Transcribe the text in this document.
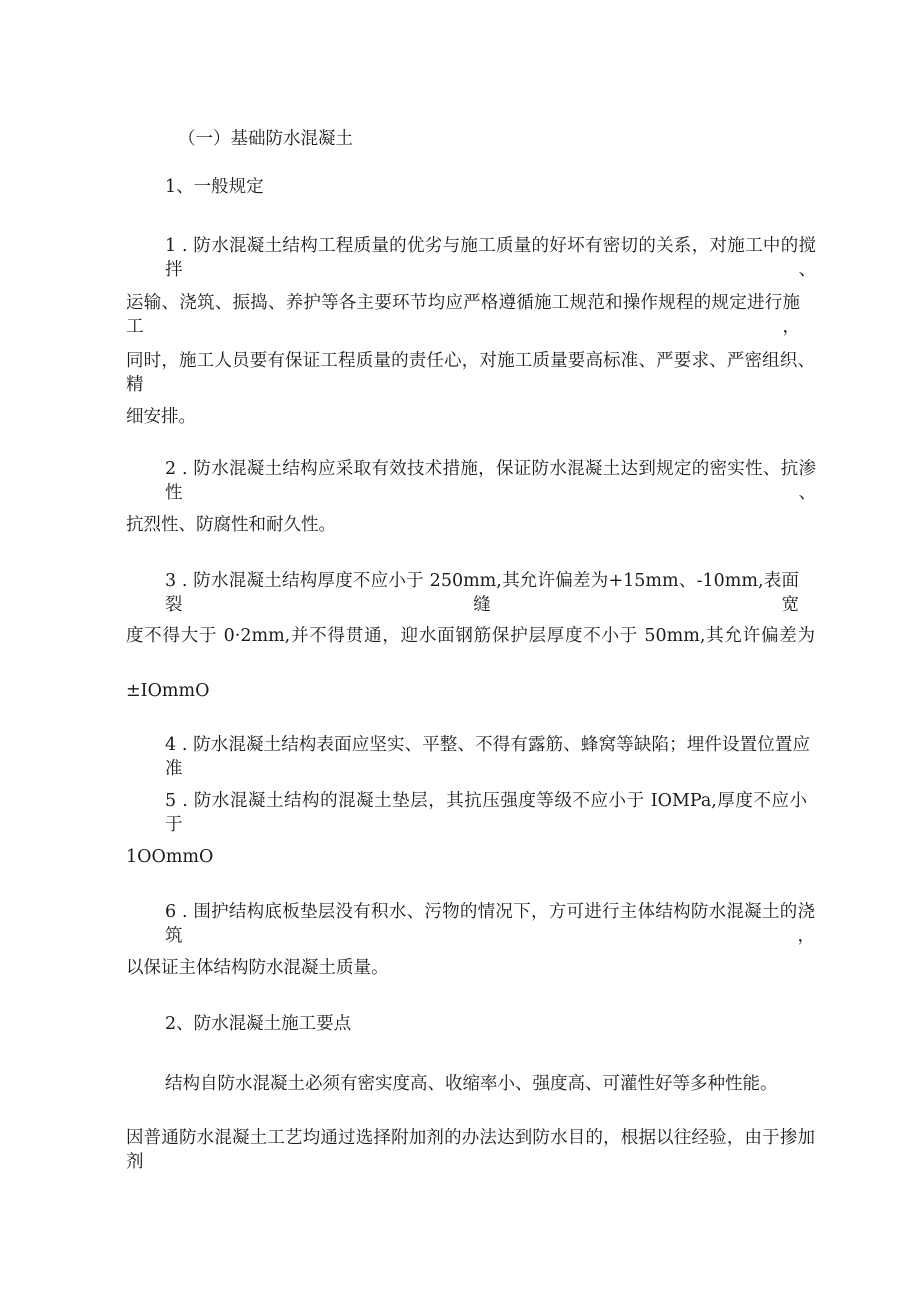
（一）基础防水混凝土
1、一般规定
1 . 防水混凝土结构工程质量的优劣与施工质量的好坏有密切的关系，对施工中的搅拌、
运输、浇筑、振捣、养护等各主要环节均应严格遵循施工规范和操作规程的规定进行施工，
同时，施工人员要有保证工程质量的责任心，对施工质量要高标准、严要求、严密组织、精
细安排。
2 . 防水混凝土结构应采取有效技术措施，保证防水混凝土达到规定的密实性、抗渗性、
抗烈性、防腐性和耐久性。
3 . 防水混凝土结构厚度不应小于 250mm,其允许偏差为+15mm、-10mm,表面裂缝宽
度不得大于 0·2mm,并不得贯通，迎水面钢筋保护层厚度不小于 50mm,其允许偏差为
±IOmmO
4 . 防水混凝土结构表面应坚实、平整、不得有露筋、蜂窝等缺陷；埋件设置位置应准
5 . 防水混凝土结构的混凝土垫层，其抗压强度等级不应小于 IOMPa,厚度不应小于
1OOmmO
6 . 围护结构底板垫层没有积水、污物的情况下，方可进行主体结构防水混凝土的浇筑，
以保证主体结构防水混凝土质量。
2、防水混凝土施工要点
结构自防水混凝土必须有密实度高、收缩率小、强度高、可灌性好等多种性能。
因普通防水混凝土工艺均通过选择附加剂的办法达到防水目的，根据以往经验，由于掺加剂
